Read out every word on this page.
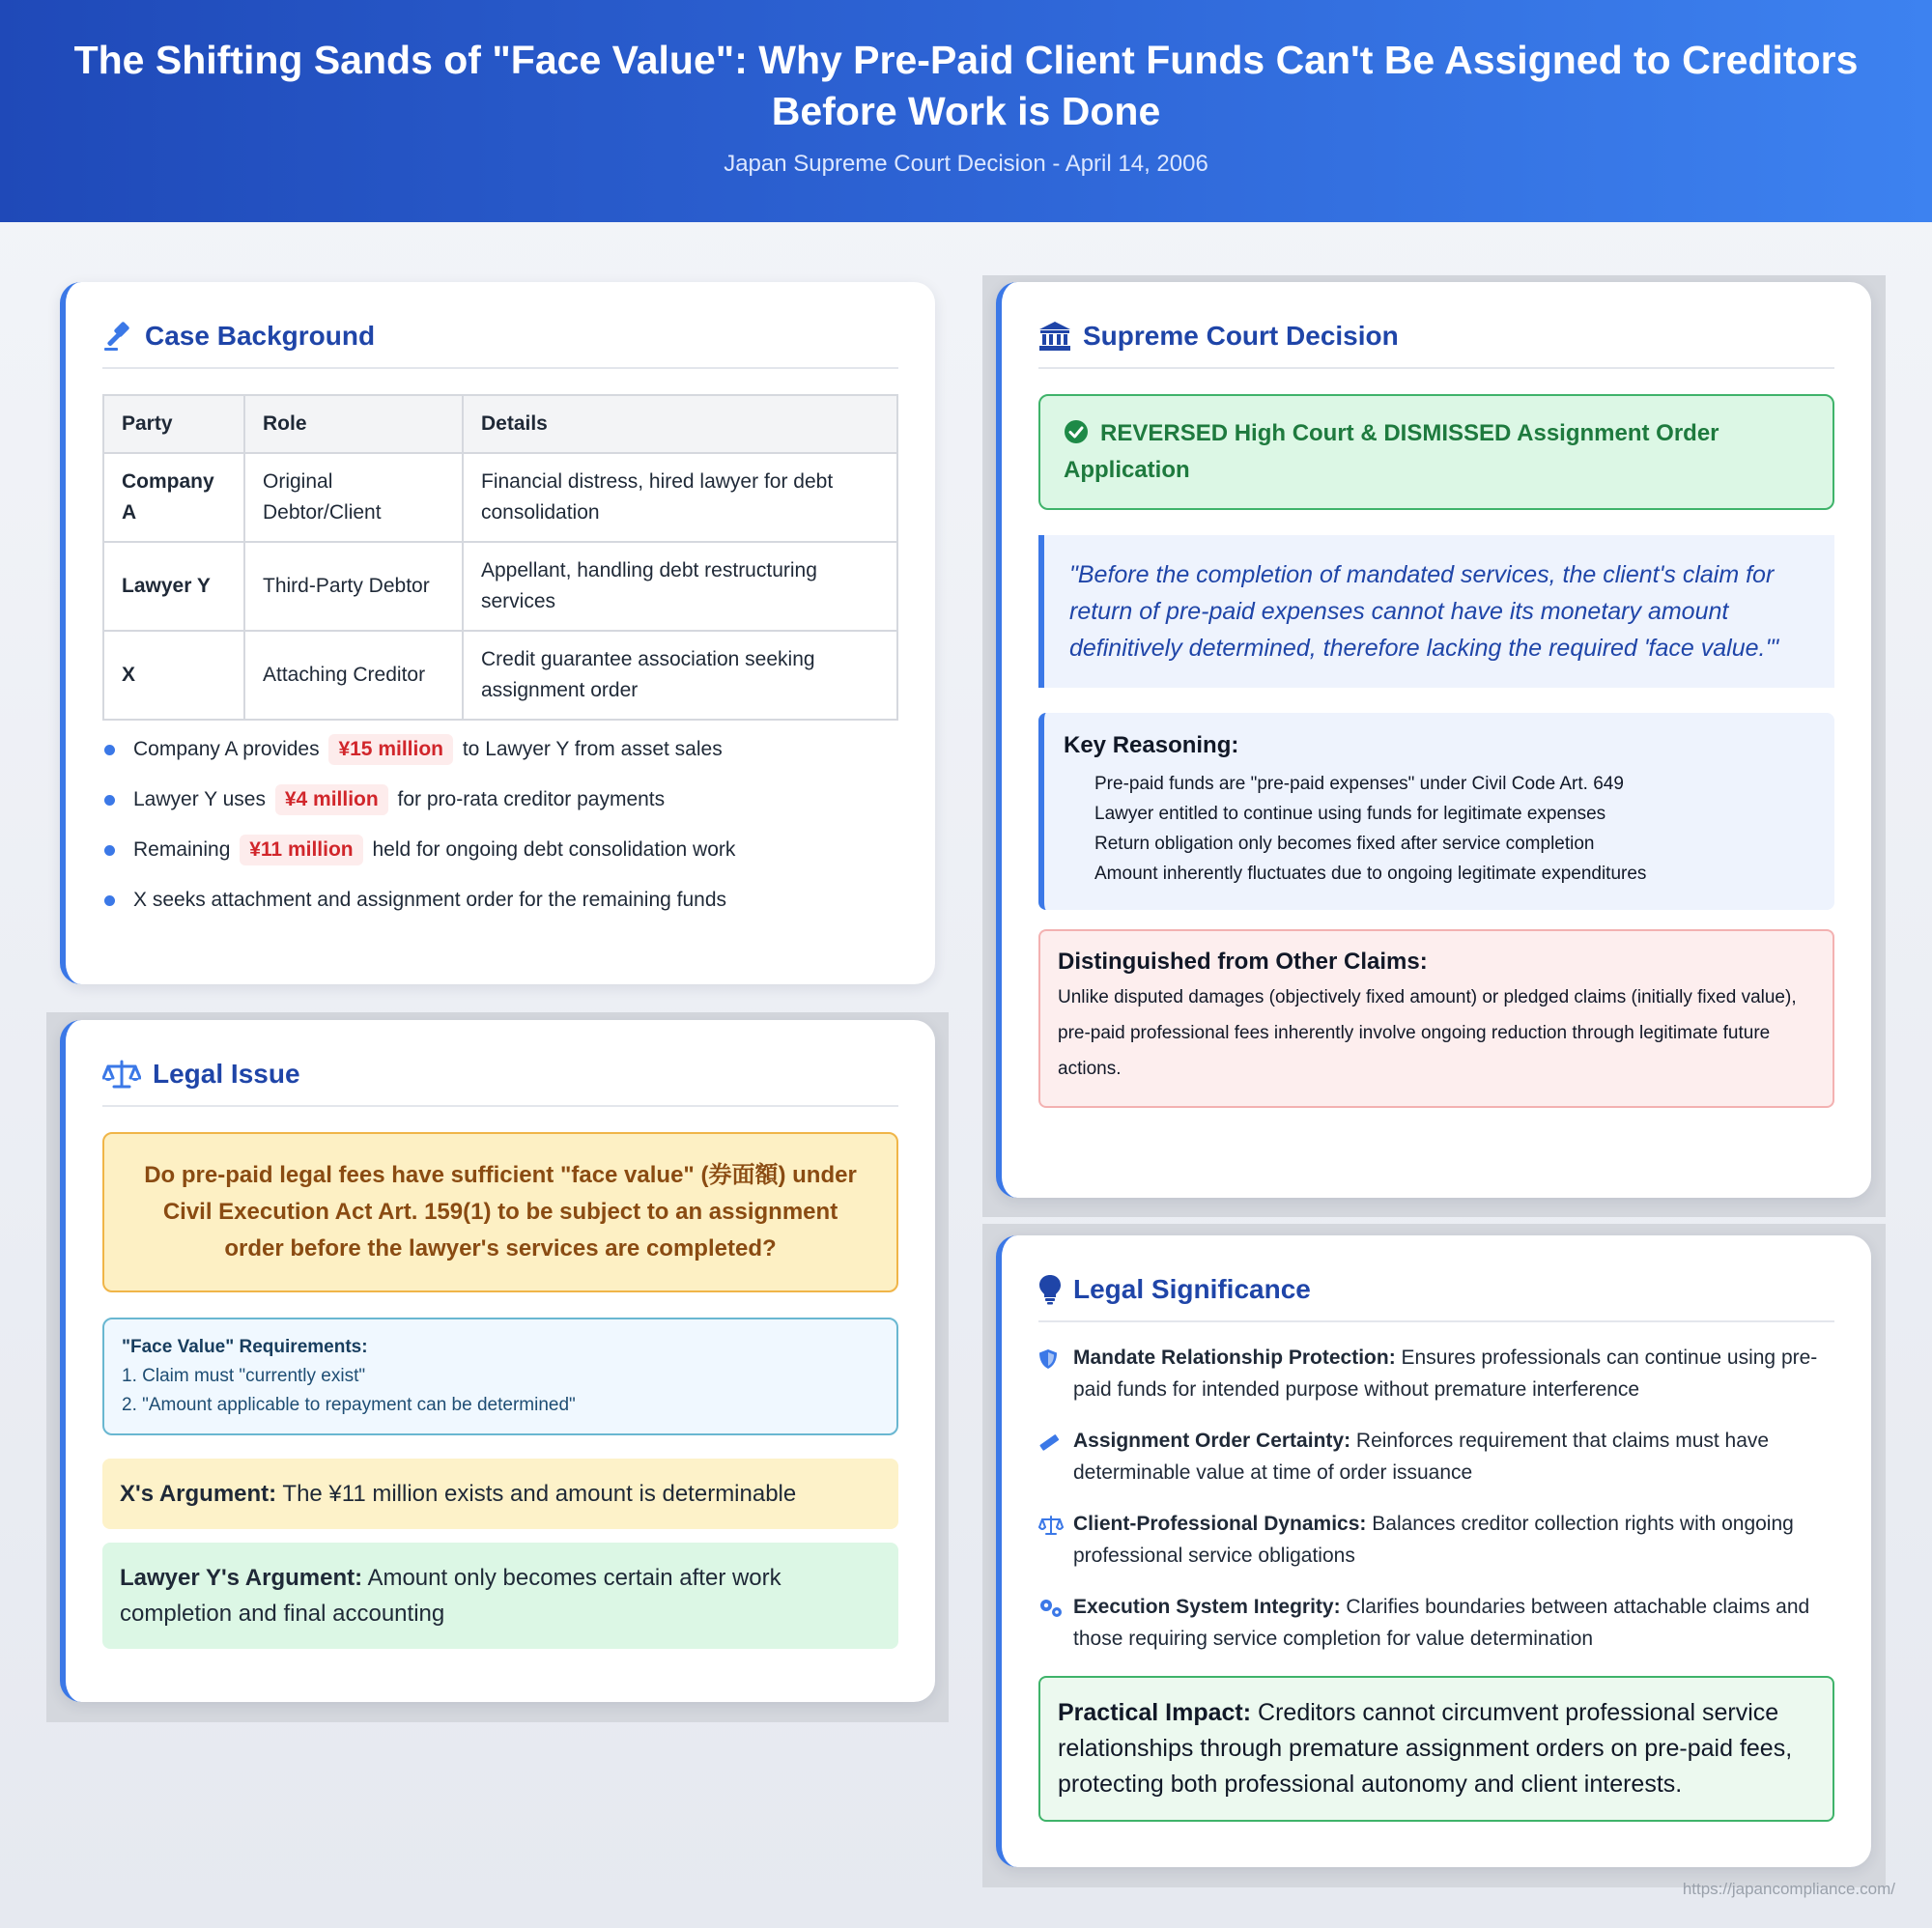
The Shifting Sands of "Face Value": Why Pre-Paid Client Funds Can't Be Assigned to Creditors Before Work is Done
Japan Supreme Court Decision - April 14, 2006
Case Background
Party	Role	Details
Company A	Original Debtor/Client	Financial distress, hired lawyer for debt consolidation
Lawyer Y	Third-Party Debtor	Appellant, handling debt restructuring services
X	Attaching Creditor	Credit guarantee association seeking assignment order
Company A provides ¥15 million to Lawyer Y from asset sales
Lawyer Y uses ¥4 million for pro-rata creditor payments
Remaining ¥11 million held for ongoing debt consolidation work
X seeks attachment and assignment order for the remaining funds
Legal Issue
Do pre-paid legal fees have sufficient "face value" (券面額) under Civil Execution Act Art. 159(1) to be subject to an assignment order before the lawyer's services are completed?
"Face Value" Requirements:
1. Claim must "currently exist"
2. "Amount applicable to repayment can be determined"
X's Argument: The ¥11 million exists and amount is determinable
Lawyer Y's Argument: Amount only becomes certain after work completion and final accounting
Supreme Court Decision
REVERSED High Court & DISMISSED Assignment Order Application
"Before the completion of mandated services, the client's claim for return of pre-paid expenses cannot have its monetary amount definitively determined, therefore lacking the required 'face value.'"
Key Reasoning:
Pre-paid funds are "pre-paid expenses" under Civil Code Art. 649
Lawyer entitled to continue using funds for legitimate expenses
Return obligation only becomes fixed after service completion
Amount inherently fluctuates due to ongoing legitimate expenditures
Distinguished from Other Claims:
Unlike disputed damages (objectively fixed amount) or pledged claims (initially fixed value), pre-paid professional fees inherently involve ongoing reduction through legitimate future actions.
Legal Significance
Mandate Relationship Protection: Ensures professionals can continue using pre-paid funds for intended purpose without premature interference
Assignment Order Certainty: Reinforces requirement that claims must have determinable value at time of order issuance
Client-Professional Dynamics: Balances creditor collection rights with ongoing professional service obligations
Execution System Integrity: Clarifies boundaries between attachable claims and those requiring service completion for value determination
Practical Impact: Creditors cannot circumvent professional service relationships through premature assignment orders on pre-paid fees, protecting both professional autonomy and client interests.
https://japancompliance.com/
